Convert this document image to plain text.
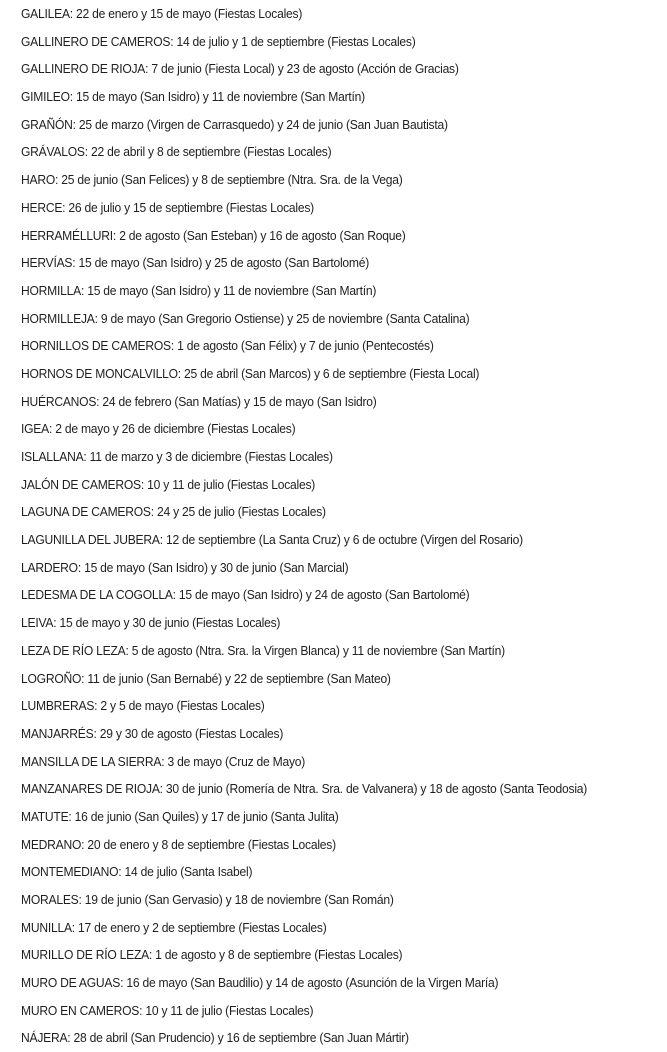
GALILEA: 22 de enero y 15 de mayo (Fiestas Locales)
GALLINERO DE CAMEROS: 14 de julio y 1 de septiembre (Fiestas Locales)
GALLINERO DE RIOJA: 7 de junio (Fiesta Local) y 23 de agosto (Acción de Gracias)
GIMILEO: 15 de mayo (San Isidro) y 11 de noviembre (San Martín)
GRAÑÓN: 25 de marzo (Virgen de Carrasquedo) y 24 de junio (San Juan Bautista)
GRÁVALOS: 22 de abril y 8 de septiembre (Fiestas Locales)
HARO: 25 de junio (San Felices) y 8 de septiembre (Ntra. Sra. de la Vega)
HERCE: 26 de julio y 15 de septiembre (Fiestas Locales)
HERRAMÉLLURI: 2 de agosto (San Esteban) y 16 de agosto (San Roque)
HERVÍAS: 15 de mayo (San Isidro) y 25 de agosto (San Bartolomé)
HORMILLA: 15 de mayo (San Isidro) y 11 de noviembre (San Martín)
HORMILLEJA: 9 de mayo (San Gregorio Ostiense) y 25 de noviembre (Santa Catalina)
HORNILLOS DE CAMEROS: 1 de agosto (San Félix) y 7 de junio (Pentecostés)
HORNOS DE MONCALVILLO: 25 de abril (San Marcos) y 6 de septiembre (Fiesta Local)
HUÉRCANOS: 24 de febrero (San Matías) y 15 de mayo (San Isidro)
IGEA: 2 de mayo y 26 de diciembre (Fiestas Locales)
ISLALLANA: 11 de marzo y 3 de diciembre (Fiestas Locales)
JALÓN DE CAMEROS: 10 y 11 de julio (Fiestas Locales)
LAGUNA DE CAMEROS: 24 y 25 de julio (Fiestas Locales)
LAGUNILLA DEL JUBERA: 12 de septiembre (La Santa Cruz) y 6 de octubre (Virgen del Rosario)
LARDERO: 15 de mayo (San Isidro) y 30 de junio (San Marcial)
LEDESMA DE LA COGOLLA: 15 de mayo (San Isidro) y 24 de agosto (San Bartolomé)
LEIVA: 15 de mayo y 30 de junio (Fiestas Locales)
LEZA DE RÍO LEZA: 5 de agosto (Ntra. Sra. la Virgen Blanca) y 11 de noviembre (San Martín)
LOGROÑO: 11 de junio (San Bernabé) y 22 de septiembre (San Mateo)
LUMBRERAS: 2 y 5 de mayo (Fiestas Locales)
MANJARRÉS: 29 y 30 de agosto (Fiestas Locales)
MANSILLA DE LA SIERRA: 3 de mayo (Cruz de Mayo)
MANZANARES DE RIOJA: 30 de junio (Romería de Ntra. Sra. de Valvanera) y 18 de agosto (Santa Teodosia)
MATUTE: 16 de junio (San Quiles) y 17 de junio (Santa Julita)
MEDRANO: 20 de enero y 8 de septiembre (Fiestas Locales)
MONTEMEDIANO: 14 de julio (Santa Isabel)
MORALES: 19 de junio (San Gervasio) y 18 de noviembre (San Román)
MUNILLA: 17 de enero y 2 de septiembre (Fiestas Locales)
MURILLO DE RÍO LEZA: 1 de agosto y 8 de septiembre (Fiestas Locales)
MURO DE AGUAS: 16 de mayo (San Baudilio) y 14 de agosto (Asunción de la Virgen María)
MURO EN CAMEROS: 10 y 11 de julio (Fiestas Locales)
NÁJERA: 28 de abril (San Prudencio) y 16 de septiembre (San Juan Mártir)
